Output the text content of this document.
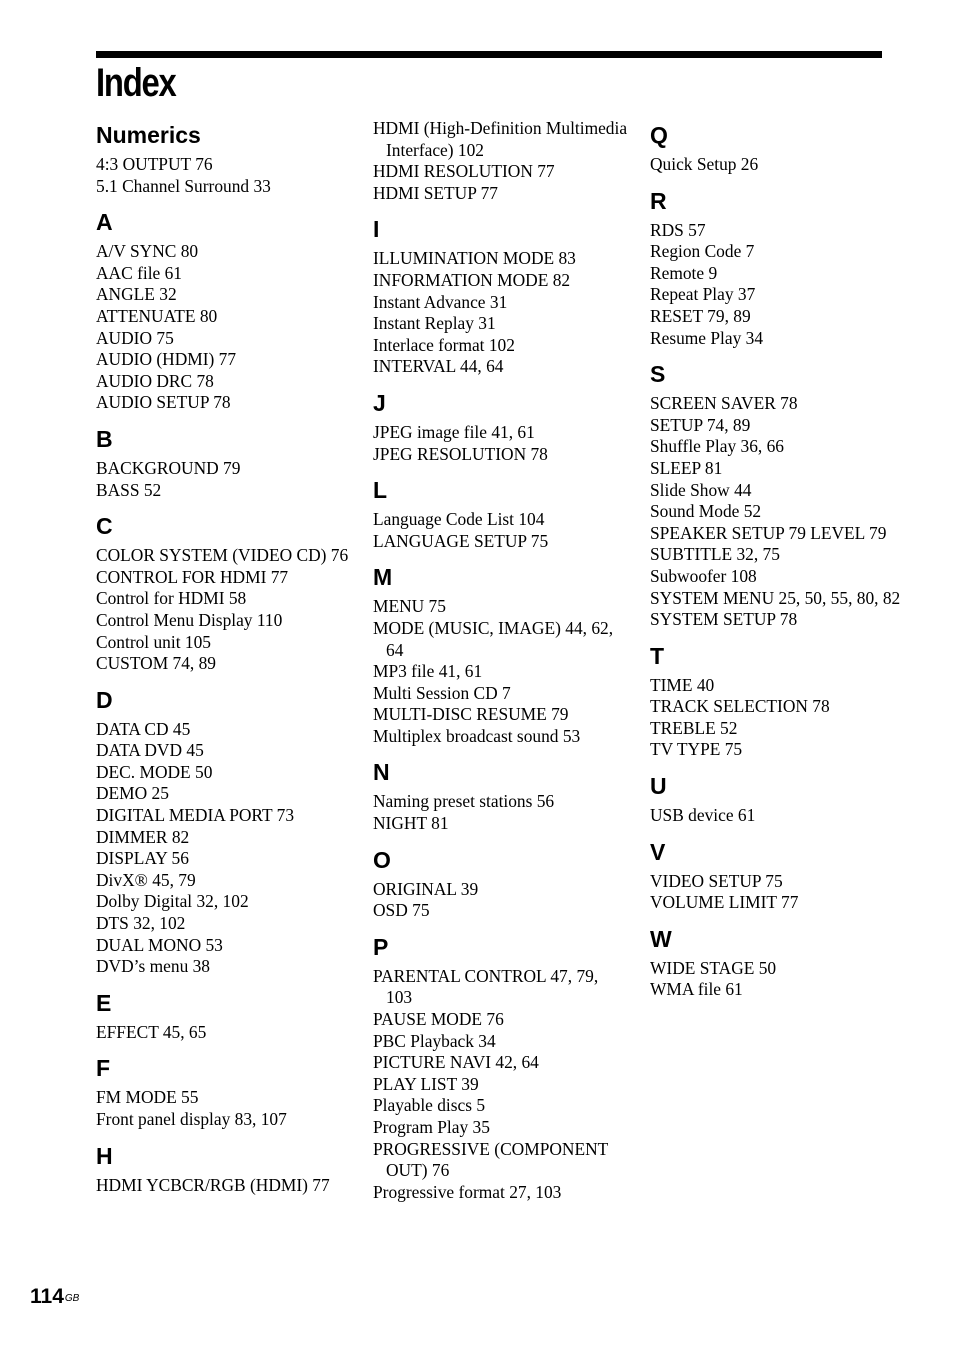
Index
Numerics
4:3 OUTPUT 76
5.1 Channel Surround 33
A
A/V SYNC 80
AAC file 61
ANGLE 32
ATTENUATE 80
AUDIO 75
AUDIO (HDMI) 77
AUDIO DRC 78
AUDIO SETUP 78
B
BACKGROUND 79
BASS 52
C
COLOR SYSTEM (VIDEO CD) 76
CONTROL FOR HDMI 77
Control for HDMI 58
Control Menu Display 110
Control unit 105
CUSTOM 74, 89
D
DATA CD 45
DATA DVD 45
DEC. MODE 50
DEMO 25
DIGITAL MEDIA PORT 73
DIMMER 82
DISPLAY 56
DivX® 45, 79
Dolby Digital 32, 102
DTS 32, 102
DUAL MONO 53
DVD’s menu 38
E
EFFECT 45, 65
F
FM MODE 55
Front panel display 83, 107
H
HDMI YCBCR/RGB (HDMI) 77
HDMI (High-Definition Multimedia Interface) 102
HDMI RESOLUTION 77
HDMI SETUP 77
I
ILLUMINATION MODE 83
INFORMATION MODE 82
Instant Advance 31
Instant Replay 31
Interlace format 102
INTERVAL 44, 64
J
JPEG image file 41, 61
JPEG RESOLUTION 78
L
Language Code List 104
LANGUAGE SETUP 75
M
MENU 75
MODE (MUSIC, IMAGE) 44, 62, 64
MP3 file 41, 61
Multi Session CD 7
MULTI-DISC RESUME 79
Multiplex broadcast sound 53
N
Naming preset stations 56
NIGHT 81
O
ORIGINAL 39
OSD 75
P
PARENTAL CONTROL 47, 79, 103
PAUSE MODE 76
PBC Playback 34
PICTURE NAVI 42, 64
PLAY LIST 39
Playable discs 5
Program Play 35
PROGRESSIVE (COMPONENT OUT) 76
Progressive format 27, 103
Q
Quick Setup 26
R
RDS 57
Region Code 7
Remote 9
Repeat Play 37
RESET 79, 89
Resume Play 34
S
SCREEN SAVER 78
SETUP 74, 89
Shuffle Play 36, 66
SLEEP 81
Slide Show 44
Sound Mode 52
SPEAKER SETUP 79 LEVEL 79
SUBTITLE 32, 75
Subwoofer 108
SYSTEM MENU 25, 50, 55, 80, 82
SYSTEM SETUP 78
T
TIME 40
TRACK SELECTION 78
TREBLE 52
TV TYPE 75
U
USB device 61
V
VIDEO SETUP 75
VOLUME LIMIT 77
W
WIDE STAGE 50
WMA file 61
$114^{GB}$
